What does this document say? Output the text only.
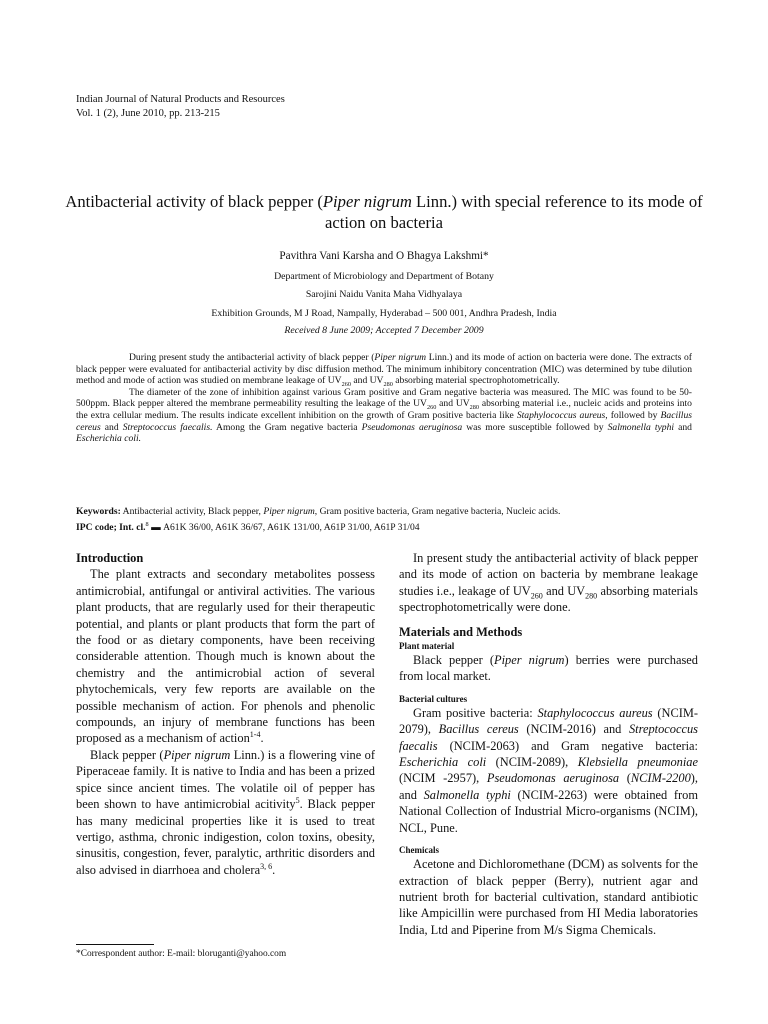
Indian Journal of Natural Products and Resources
Vol. 1 (2), June 2010, pp. 213-215
Antibacterial activity of black pepper (Piper nigrum Linn.) with special reference to its mode of action on bacteria
Pavithra Vani Karsha and O Bhagya Lakshmi*
Department of Microbiology and Department of Botany
Sarojini Naidu Vanita Maha Vidhyalaya
Exhibition Grounds, M J Road, Nampally, Hyderabad – 500 001, Andhra Pradesh, India
Received 8 June 2009; Accepted 7 December 2009

During present study the antibacterial activity of black pepper (Piper nigrum Linn.) and its mode of action on bacteria were done. The extracts of black pepper were evaluated for antibacterial activity by disc diffusion method. The minimum inhibitory concentration (MIC) was determined by tube dilution method and mode of action was studied on membrane leakage of $UV_{260}$ and $UV_{280}$ absorbing material spectrophotometrically.

The diameter of the zone of inhibition against various Gram positive and Gram negative bacteria was measured. The MIC was found to be 50-500ppm. Black pepper altered the membrane permeability resulting the leakage of the $UV_{260}$ and $UV_{280}$ absorbing material i.e., nucleic acids and proteins into the extra cellular medium. The results indicate excellent inhibition on the growth of Gram positive bacteria like Staphylococcus aureus, followed by Bacillus cereus and Streptococcus faecalis. Among the Gram negative bacteria Pseudomonas aeruginosa was more susceptible followed by Salmonella typhi and Escherichia coli.

Keywords: Antibacterial activity, Black pepper, Piper nigrum, Gram positive bacteria, Gram negative bacteria, Nucleic acids.

IPC code; Int. cl.$^8$ ▬ A61K 36/00, A61K 36/67, A61K 131/00, A61P 31/00, A61P 31/04

Introduction

The plant extracts and secondary metabolites possess antimicrobial, antifungal or antiviral activities. The various plant products, that are regularly used for their therapeutic potential, and plants or plant products that form the part of the food or as dietary components, have been receiving considerable attention. Though much is known about the chemistry and the antimicrobial action of several phytochemicals, very few reports are available on the possible mechanism of action. For phenols and phenolic compounds, an injury of membrane functions has been proposed as a mechanism of action$^{1-4}$.

Black pepper (Piper nigrum Linn.) is a flowering vine of Piperaceae family. It is native to India and has been a prized spice since ancient times. The volatile oil of pepper has been shown to have antimicrobial acitivity$^5$. Black pepper has many medicinal properties like it is used to treat vertigo, asthma, chronic indigestion, colon toxins, obesity, sinusitis, congestion, fever, paralytic, arthritic disorders and also advised in diarrhoea and cholera$^{3, 6}$.

In present study the antibacterial activity of black pepper and its mode of action on bacteria by membrane leakage studies i.e., leakage of $UV_{260}$ and $UV_{280}$ absorbing materials spectrophotometrically were done.

Materials and Methods
Plant material

Black pepper (Piper nigrum) berries were purchased from local market.

Bacterial cultures

Gram positive bacteria: Staphylococcus aureus (NCIM-2079), Bacillus cereus (NCIM-2016) and Streptococcus faecalis (NCIM-2063) and Gram negative bacteria: Escherichia coli (NCIM-2089), Klebsiella pneumoniae (NCIM -2957), Pseudomonas aeruginosa (NCIM-2200), and Salmonella typhi (NCIM-2263) were obtained from National Collection of Industrial Micro-organisms (NCIM), NCL, Pune.

Chemicals

Acetone and Dichloromethane (DCM) as solvents for the extraction of black pepper (Berry), nutrient agar and nutrient broth for bacterial cultivation, standard antibiotic like Ampicillin were purchased from HI Media laboratories India, Ltd and Piperine from M/s Sigma Chemicals.

*Correspondent author: E-mail: bloruganti@yahoo.com
